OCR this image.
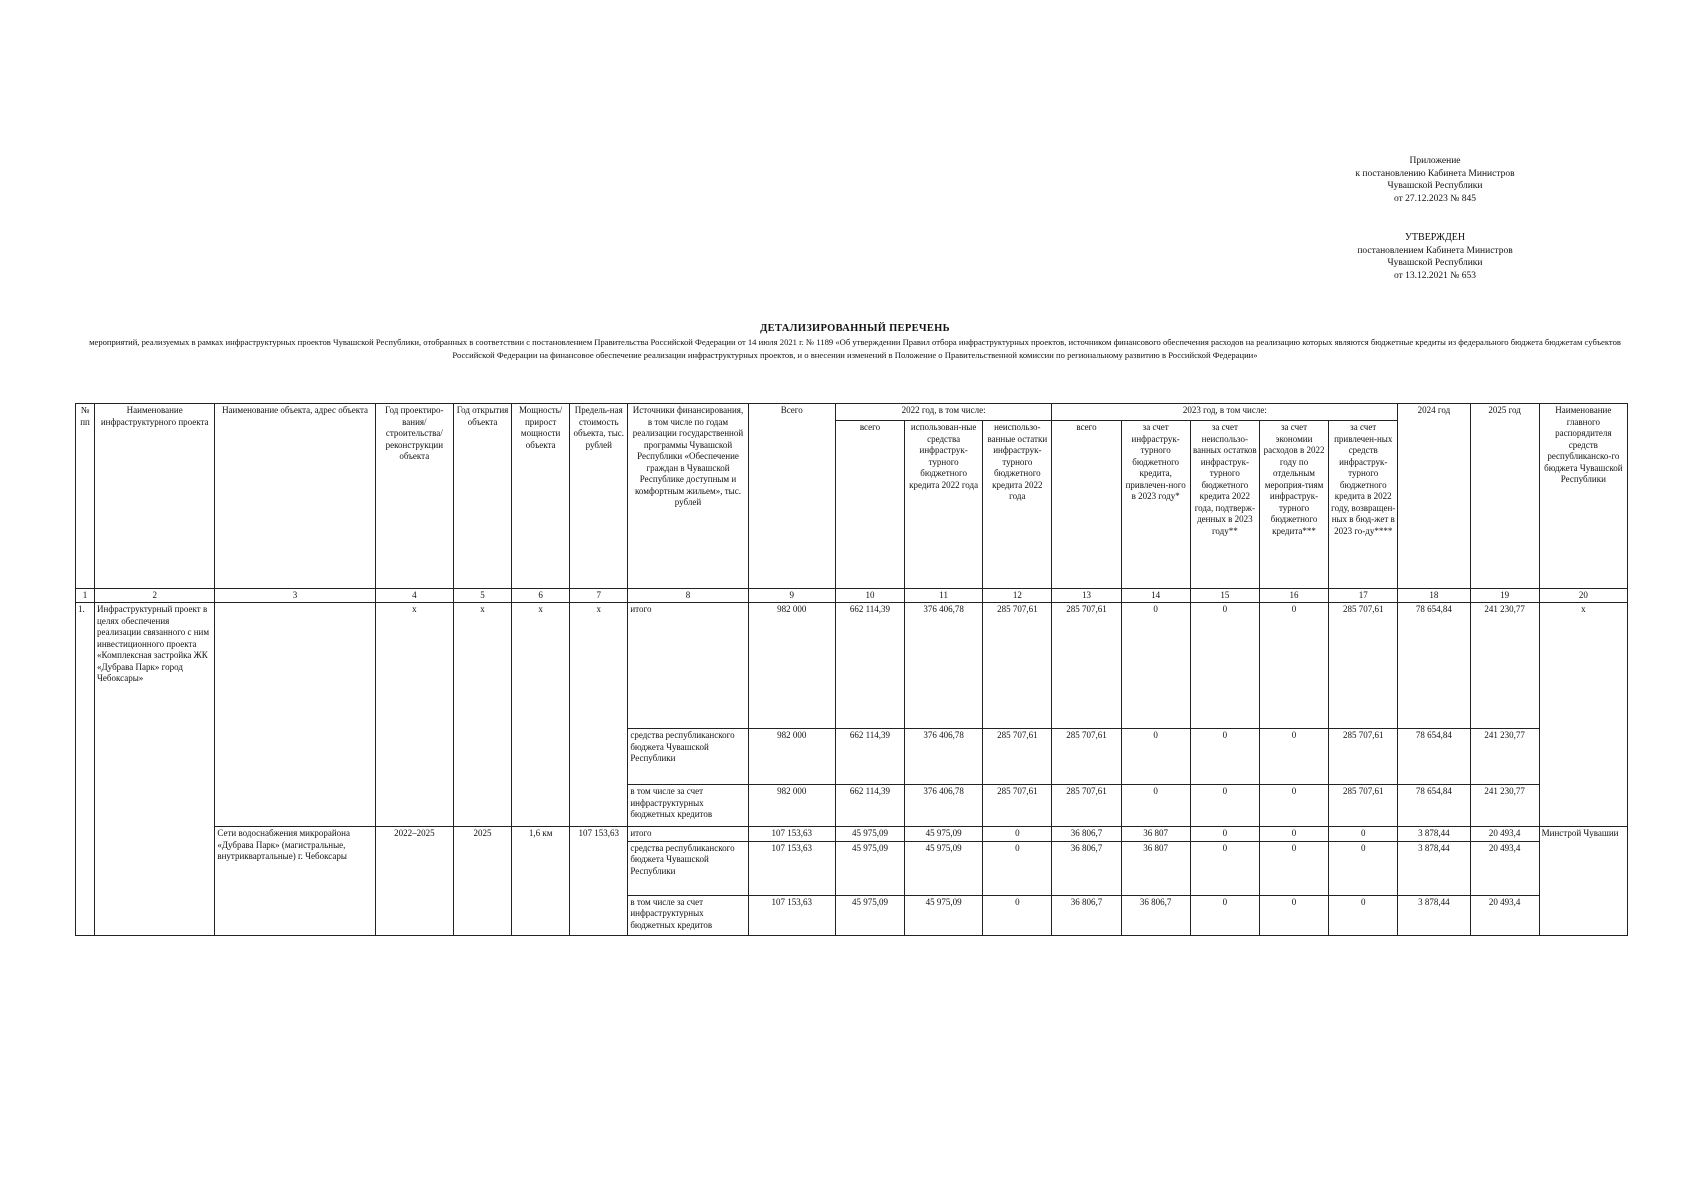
Приложение
к постановлению Кабинета Министров
Чувашской Республики
от 27.12.2023 № 845
УТВЕРЖДЕН
постановлением Кабинета Министров
Чувашской Республики
от 13.12.2021 № 653
ДЕТАЛИЗИРОВАННЫЙ ПЕРЕЧЕНЬ
мероприятий, реализуемых в рамках инфраструктурных проектов Чувашской Республики, отобранных в соответствии с постановлением Правительства Российской Федерации от 14 июля 2021 г. № 1189 «Об утверждении Правил отбора инфраструктурных проектов, источником финансового обеспечения расходов на реализацию которых являются бюджетные кредиты из федерального бюджета бюджетам субъектов Российской Федерации на финансовое обеспечение реализации инфраструктурных проектов, и о внесении изменений в Положение о Правительственной комиссии по региональному развитию в Российской Федерации»
№ пп	Наименование инфраструктурного проекта	Наименование объекта, адрес объекта	Год проектиро-вания/ строительства/ реконструкции объекта	Год открытия объекта	Мощность/ прирост мощности объекта	Предель-ная стоимость объекта, тыс. рублей	Источники финансирования, в том числе по годам реализации государственной программы Чувашской Республики «Обеспечение граждан в Чувашской Республике доступным и комфортным жильем», тыс. рублей	Всего	2022 год, в том числе:			2023 год, в том числе:					2024 год	2025 год	Наименование главного распорядителя средств республиканско-го бюджета Чувашской Республики
									всего	использован-ные средства инфраструк-турного бюджетного кредита 2022 года	неиспользо-ванные остатки инфраструк-турного бюджетного кредита 2022 года	всего	за счет инфраструк-турного бюджетного кредита, привлечен-ного в 2023 году*	за счет неиспользо-ванных остатков инфраструк-турного бюджетного кредита 2022 года, подтверж-денных в 2023 году**	за счет экономии расходов в 2022 году по отдельным мероприя-тиям инфраструк-турного бюджетного кредита***	за счет привлечен-ных средств инфраструк-турного бюджетного кредита в 2022 году, возвращен-ных в бюд-жет в 2023 го-ду****			
1	2	3	4	5	6	7	8	9	10	11	12	13	14	15	16	17	18	19	20
1.	Инфраструктурный проект в целях обеспечения реализации связанного с ним инвестиционного проекта «Комплексная застройка ЖК «Дубрава Парк» город Чебоксары»		х	х	х	х	итого	982 000	662 114,39	376 406,78	285 707,61	285 707,61	0	0	0	285 707,61	78 654,84	241 230,77	х
							средства республиканского бюджета Чувашской Республики	982 000	662 114,39	376 406,78	285 707,61	285 707,61	0	0	0	285 707,61	78 654,84	241 230,77	
							в том числе за счет инфраструктурных бюджетных кредитов	982 000	662 114,39	376 406,78	285 707,61	285 707,61	0	0	0	285 707,61	78 654,84	241 230,77	
		Сети водоснабжения микрорайона «Дубрава Парк» (магистральные, внутриквартальные) г. Чебоксары	2022–2025	2025	1,6 км	107 153,63	итого	107 153,63	45 975,09	45 975,09	0	36 806,7	36 807	0	0	0	3 878,44	20 493,4	Минстрой Чувашии
							средства республиканского бюджета Чувашской Республики	107 153,63	45 975,09	45 975,09	0	36 806,7	36 807	0	0	0	3 878,44	20 493,4	
							в том числе за счет инфраструктурных бюджетных кредитов	107 153,63	45 975,09	45 975,09	0	36 806,7	36 806,7	0	0	0	3 878,44	20 493,4	
